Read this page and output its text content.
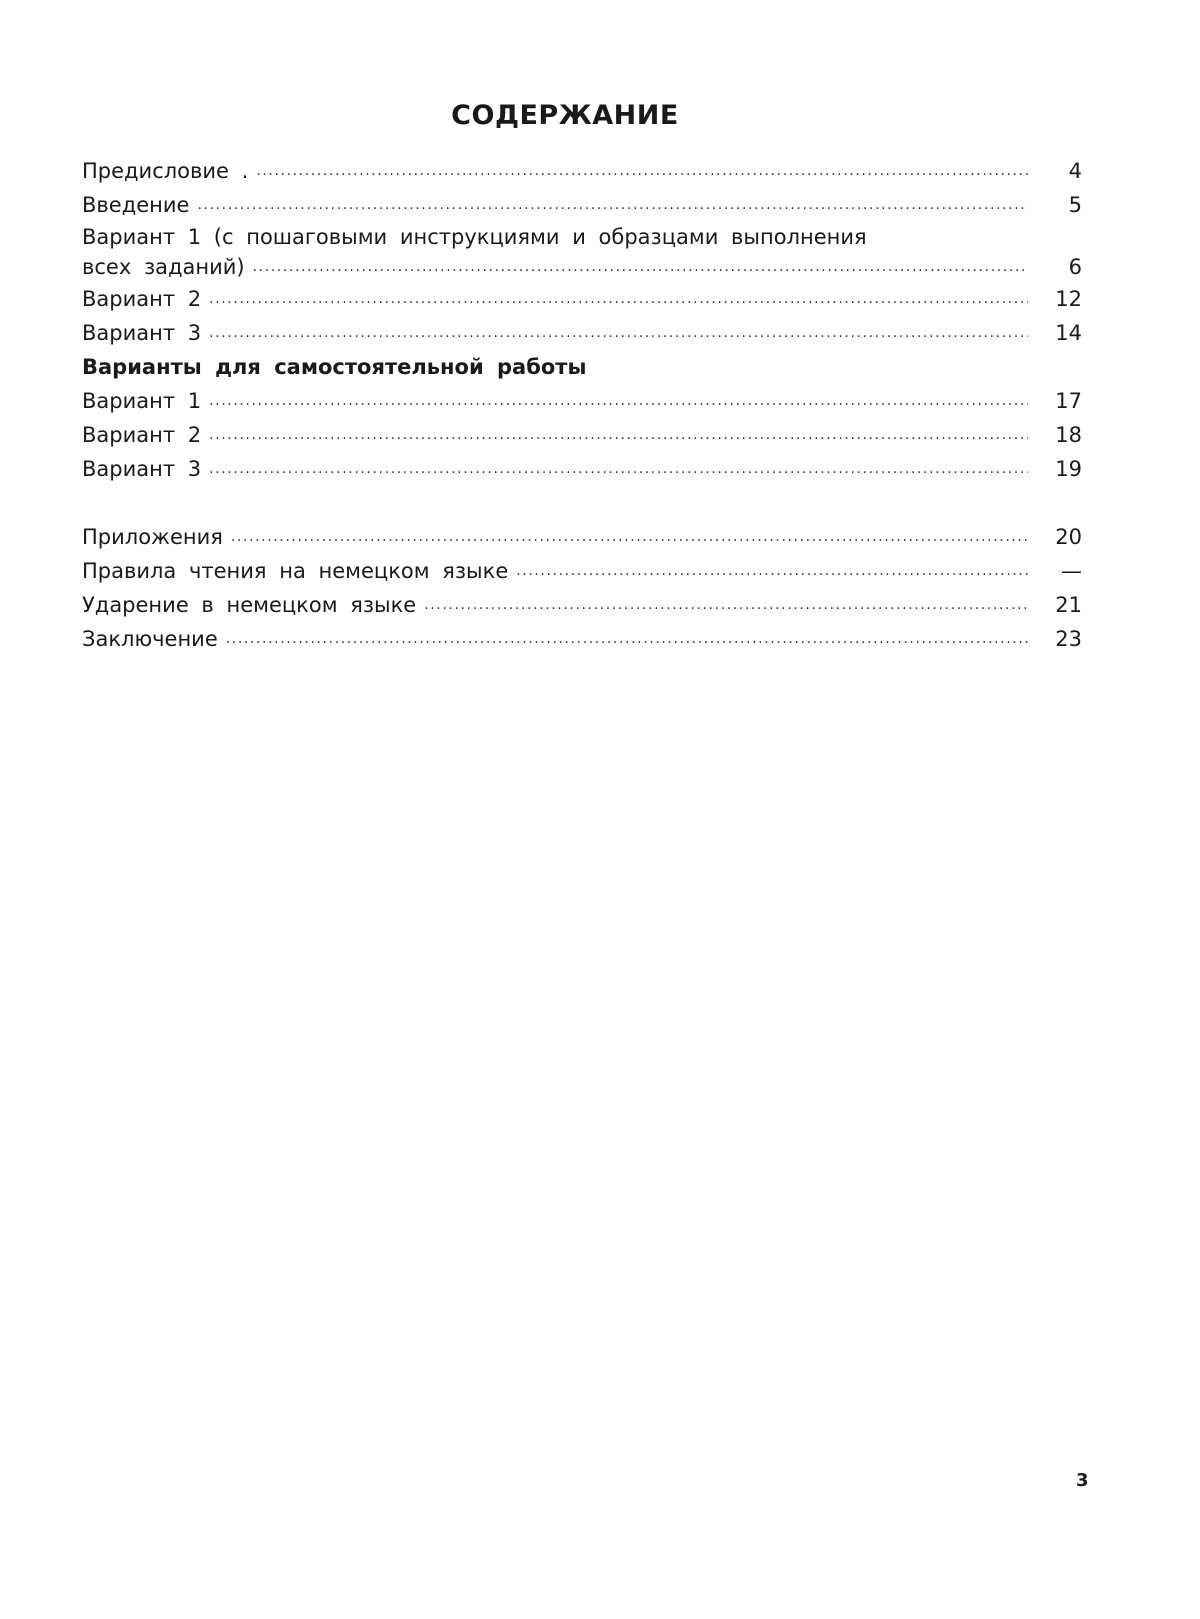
СОДЕРЖАНИЕ
Предисловие . .....	4
Введение .....	5
Вариант 1 (с пошаговыми инструкциями и образцами выполнения
всех заданий) .....	6
Вариант 2 .....	12
Вариант 3 .....	14
Варианты для самостоятельной работы
Вариант 1 .....	17
Вариант 2 .....	18
Вариант 3 .....	19
Приложения .....	20
Правила чтения на немецком языке .....	—
Ударение в немецком языке .....	21
Заключение .....	23
3
